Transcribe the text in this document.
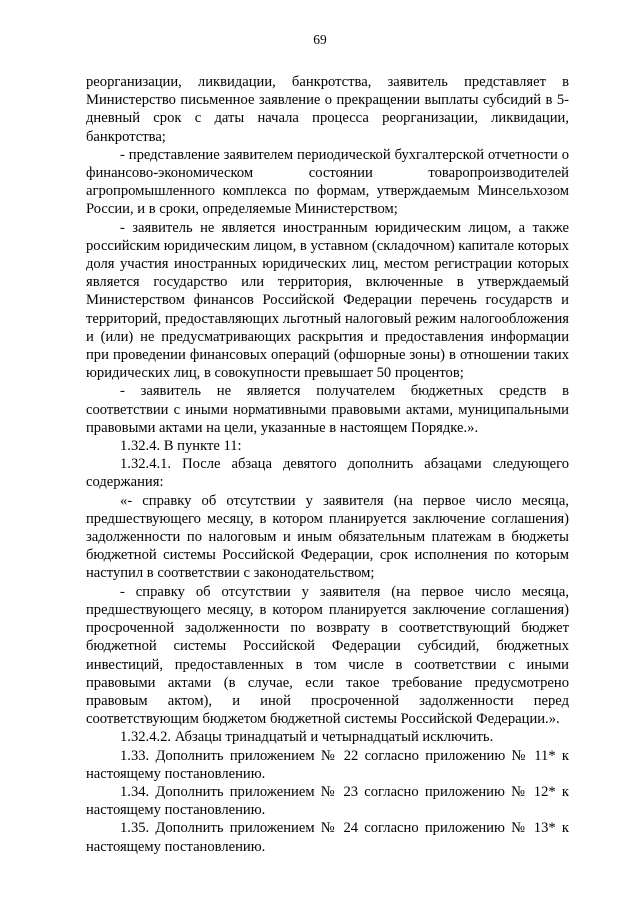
69

реорганизации, ликвидации, банкротства, заявитель представляет в Министерство письменное заявление о прекращении выплаты субсидий в 5-дневный срок с даты начала процесса реорганизации, ликвидации, банкротства;

- представление заявителем периодической бухгалтерской отчетности о финансово-экономическом состоянии товаропроизводителей агропромышленного комплекса по формам, утверждаемым Минсельхозом России, и в сроки, определяемые Министерством;

- заявитель не является иностранным юридическим лицом, а также российским юридическим лицом, в уставном (складочном) капитале которых доля участия иностранных юридических лиц, местом регистрации которых является государство или территория, включенные в утверждаемый Министерством финансов Российской Федерации перечень государств и территорий, предоставляющих льготный налоговый режим налогообложения и (или) не предусматривающих раскрытия и предоставления информации при проведении финансовых операций (офшорные зоны) в отношении таких юридических лиц, в совокупности превышает 50 процентов;

- заявитель не является получателем бюджетных средств в соответствии с иными нормативными правовыми актами, муниципальными правовыми актами на цели, указанные в настоящем Порядке.».

1.32.4. В пункте 11:

1.32.4.1. После абзаца девятого дополнить абзацами следующего содержания:

«- справку об отсутствии у заявителя (на первое число месяца, предшествующего месяцу, в котором планируется заключение соглашения) задолженности по налоговым и иным обязательным платежам в бюджеты бюджетной системы Российской Федерации, срок исполнения по которым наступил в соответствии с законодательством;

- справку об отсутствии у заявителя (на первое число месяца, предшествующего месяцу, в котором планируется заключение соглашения) просроченной задолженности по возврату в соответствующий бюджет бюджетной системы Российской Федерации субсидий, бюджетных инвестиций, предоставленных в том числе в соответствии с иными правовыми актами (в случае, если такое требование предусмотрено правовым актом), и иной просроченной задолженности перед соответствующим бюджетом бюджетной системы Российской Федерации.».

1.32.4.2. Абзацы тринадцатый и четырнадцатый исключить.

1.33. Дополнить приложением № 22 согласно приложению № 11* к настоящему постановлению.

1.34. Дополнить приложением № 23 согласно приложению № 12* к настоящему постановлению.

1.35. Дополнить приложением № 24 согласно приложению № 13* к настоящему постановлению.
